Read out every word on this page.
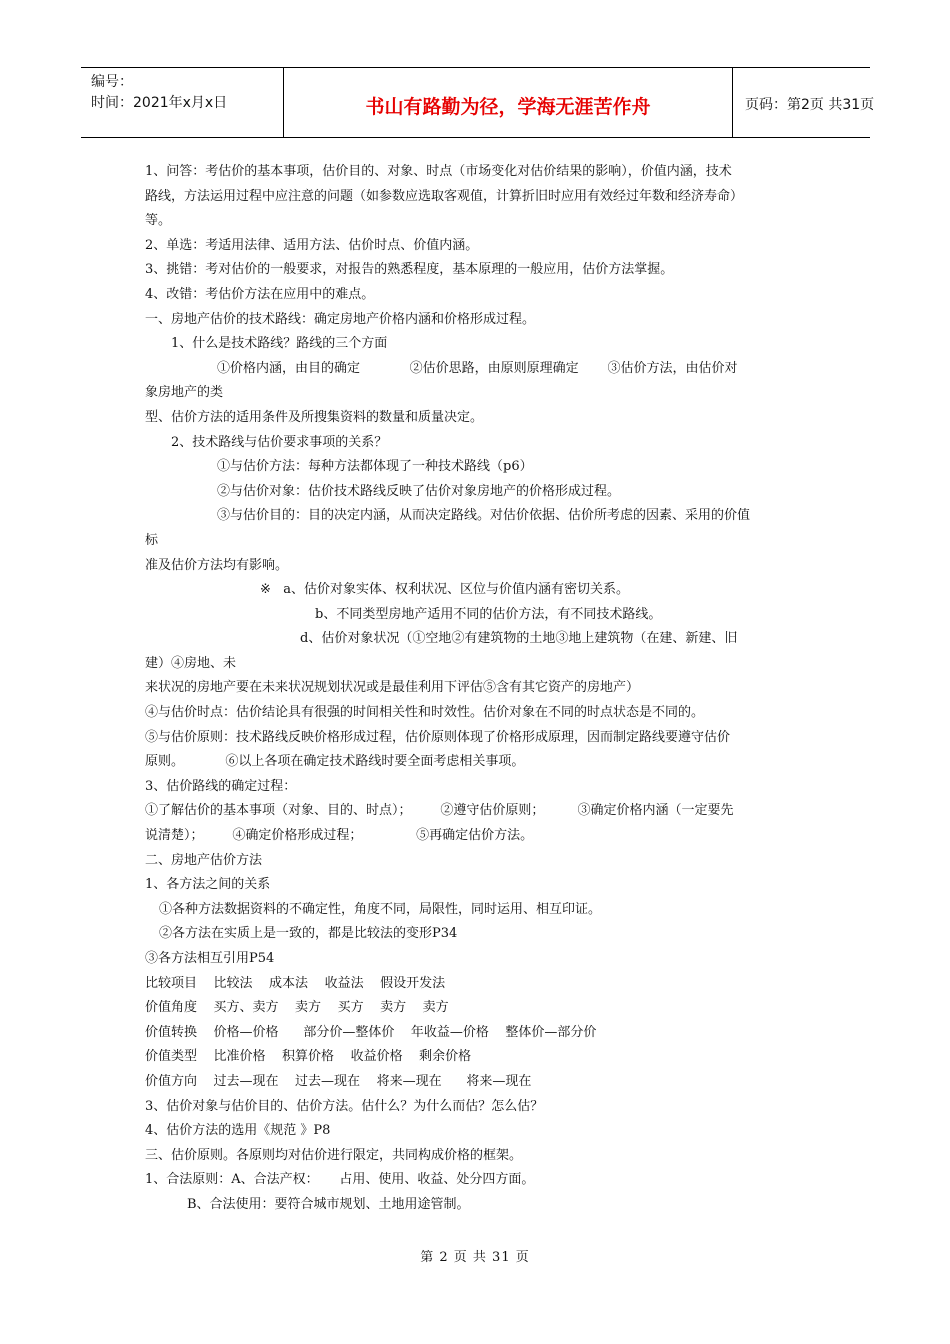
编号：
时间：2021年x月x日	书山有路勤为径，学海无涯苦作舟	页码：第2页 共31页

1、问答：考估价的基本事项，估价目的、对象、时点（市场变化对估价结果的影响），价值内涵，技术

路线，方法运用过程中应注意的问题（如参数应选取客观值，计算折旧时应用有效经过年数和经济寿命）

等。

2、单选：考适用法律、适用方法、估价时点、价值内涵。

3、挑错：考对估价的一般要求，对报告的熟悉程度，基本原理的一般应用，估价方法掌握。

4、改错：考估价方法在应用中的难点。

一、房地产估价的技术路线：确定房地产价格内涵和价格形成过程。

1、什么是技术路线？路线的三个方面

①价格内涵，由目的确定            ②估价思路，由原则原理确定       ③估价方法，由估价对

象房地产的类

型、估价方法的适用条件及所搜集资料的数量和质量决定。

2、技术路线与估价要求事项的关系？

①与估价方法：每种方法都体现了一种技术路线（p6）

②与估价对象：估价技术路线反映了估价对象房地产的价格形成过程。

③与估价目的：目的决定内涵，从而决定路线。对估价依据、估价所考虑的因素、采用的价值

标

准及估价方法均有影响。

※   a、估价对象实体、权利状况、区位与价值内涵有密切关系。

b、不同类型房地产适用不同的估价方法，有不同技术路线。

d、估价对象状况（①空地②有建筑物的土地③地上建筑物（在建、新建、旧

建）④房地、未

来状况的房地产要在未来状况规划状况或是最佳利用下评估⑤含有其它资产的房地产）

④与估价时点：估价结论具有很强的时间相关性和时效性。估价对象在不同的时点状态是不同的。

⑤与估价原则：技术路线反映价格形成过程，估价原则体现了价格形成原理，因而制定路线要遵守估价

原则。          ⑥以上各项在确定技术路线时要全面考虑相关事项。

3、估价路线的确定过程：

①了解估价的基本事项（对象、目的、时点）；       ②遵守估价原则；        ③确定价格内涵（一定要先

说清楚）；       ④确定价格形成过程；             ⑤再确定估价方法。

二、房地产估价方法

1、各方法之间的关系

①各种方法数据资料的不确定性，角度不同，局限性，同时运用、相互印证。

②各方法在实质上是一致的，都是比较法的变形P34

③各方法相互引用P54

比较项目    比较法    成本法    收益法    假设开发法

价值角度    买方、卖方    卖方    买方    卖方    卖方

价值转换    价格—价格      部分价—整体价    年收益—价格    整体价—部分价

价值类型    比准价格    积算价格    收益价格    剩余价格

价值方向    过去—现在    过去—现在    将来—现在      将来—现在

3、估价对象与估价目的、估价方法。估什么？为什么而估？怎么估？

4、估价方法的选用《规范 》P8

三、估价原则。各原则均对估价进行限定，共同构成价格的框架。

1、合法原则：A、合法产权：     占用、使用、收益、处分四方面。

B、合法使用：要符合城市规划、土地用途管制。

第 2 页 共 31 页
